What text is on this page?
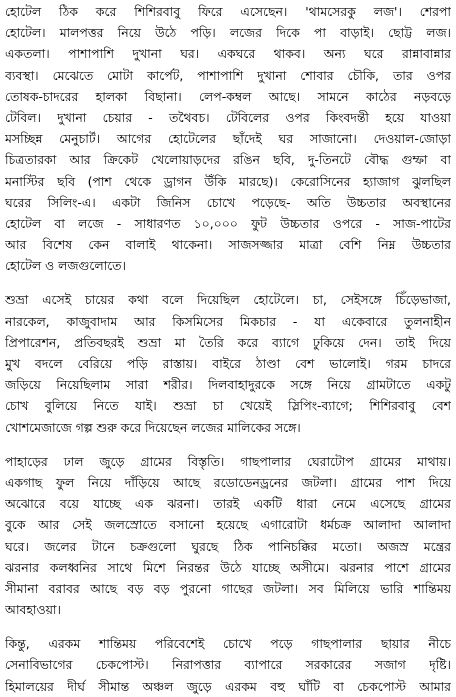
হোটেল ঠিক করে শিশিরবাবু ফিরে এসেছেন। 'থামসেরকু লজ'। শেরপা
হোটেল। মালপত্তর নিয়ে উঠে পড়ি। লজের দিকে পা বাড়াই। ছোট্ট লজ।
একতলা। পাশাপাশি দুখানা ঘর। একঘরে থাকব। অন্য ঘরে রান্নাবান্নার
ব্যবস্থা। মেঝেতে মোটা কার্পেট, পাশাপাশি দুখানা শোবার চৌকি, তার ওপর
তোষক-চাদরের হালকা বিছানা। লেপ-কম্বল আছে। সামনে কাঠের নড়বড়ে
টেবিল। দুখানা চেয়ার - তথৈবচ। টেবিলের ওপর কিংবদন্তী হয়ে যাওয়া
মসচ্ছিন্ন মেনুচার্ট। আগের হোটেলের ছাঁদেই ঘর সাজানো। দেওয়াল-জোড়া
চিত্রতারকা আর ক্রিকেট খেলোয়াড়দের রঙিন ছবি, দু-তিনটে বৌদ্ধ গুম্ফা বা
মনাস্টির ছবি (পাশ থেকে ড্রাগন উঁকি মারছে)। কেরোসিনের হ্যাজাগ ঝুলছিল
ঘরের সিলিং-এ। একটা জিনিস চোখে পড়েছে- অতি উচ্চতার অবস্থানের
হোটেল বা লজে - সাধারণত ১০,০০০ ফুট উচ্চতার ওপরে - সাজ-পাটের
আর বিশেষ কেন বালাই থাকেনা। সাজসজ্জার মাত্রা বেশি নিম্ন উচ্চতার
হোটেল ও লজগুলোতে।
শুভ্রা এসেই চায়ের কথা বলে দিয়েছিল হোটেলে। চা, সেইসঙ্গে চিঁড়েভাজা,
নারকেল, কাজুবাদাম আর কিসমিসের মিকচার - যা একেবারে তুলনাহীন
প্রিপারেশন, প্রতিবছরই শুভ্রা মা তৈরি করে ব্যাগে ঢুকিয়ে দেন। তাই দিয়ে
মুখ বদলে বেরিয়ে পড়ি রাস্তায়। বাইরে ঠাণ্ডা বেশ ভালোই। গরম চাদরে
জড়িয়ে নিয়েছিলাম সারা শরীর। দিলবাহাদুরকে সঙ্গে নিয়ে গ্রামটাতে একটু
চোখ বুলিয়ে নিতে যাই। শুভ্রা চা খেয়েই স্লিপিং-ব্যাগে; শিশিরবাবু বেশ
খোশমেজাজে গল্প শুরু করে দিয়েছেন লজের মালিকের সঙ্গে।
পাহাড়ের ঢাল জুড়ে গ্রামের বিস্তৃতি। গাছপালার ঘেরাটোপ গ্রামের মাথায়।
একগাছ ফুল নিয়ে দাঁড়িয়ে আছে রডোডেনড্রনের জটলা। গ্রামের পাশ দিয়ে
অঝোরে বয়ে যাচ্ছে এক ঝরনা। তারই একটি ধারা নেমে এসেছে গ্রামের
বুকে আর সেই জলস্রোতে বসানো হয়েছে এগারোটা ধর্মচক্র আলাদা আলাদা
ঘরে। জলের টানে চক্রগুলো ঘুরছে ঠিক পানিচক্কির মতো। অজস্র মন্ত্রের
ঝরনার কলধ্বনির সাথে মিশে নিরন্তর উঠে যাচ্ছে অসীমে। ঝরনার পাশে গ্রামের
সীমানা বরাবর আছে বড় বড় পুরনো গাছের জটলা। সব মিলিয়ে ভারি শান্তিময়
আবহাওয়া।
কিন্তু, এরকম শান্তিময় পরিবেশেই চোখে পড়ে গাছপালার ছায়ার নীচে
সেনাবিভাগের চেকপোস্ট। নিরাপত্তার ব্যাপারে সরকারের সজাগ দৃষ্টি।
হিমালয়ের দীর্ঘ সীমান্ত অঞ্চল জুড়ে এরকম বহু ঘাঁটি বা চেকপোস্ট আমার
